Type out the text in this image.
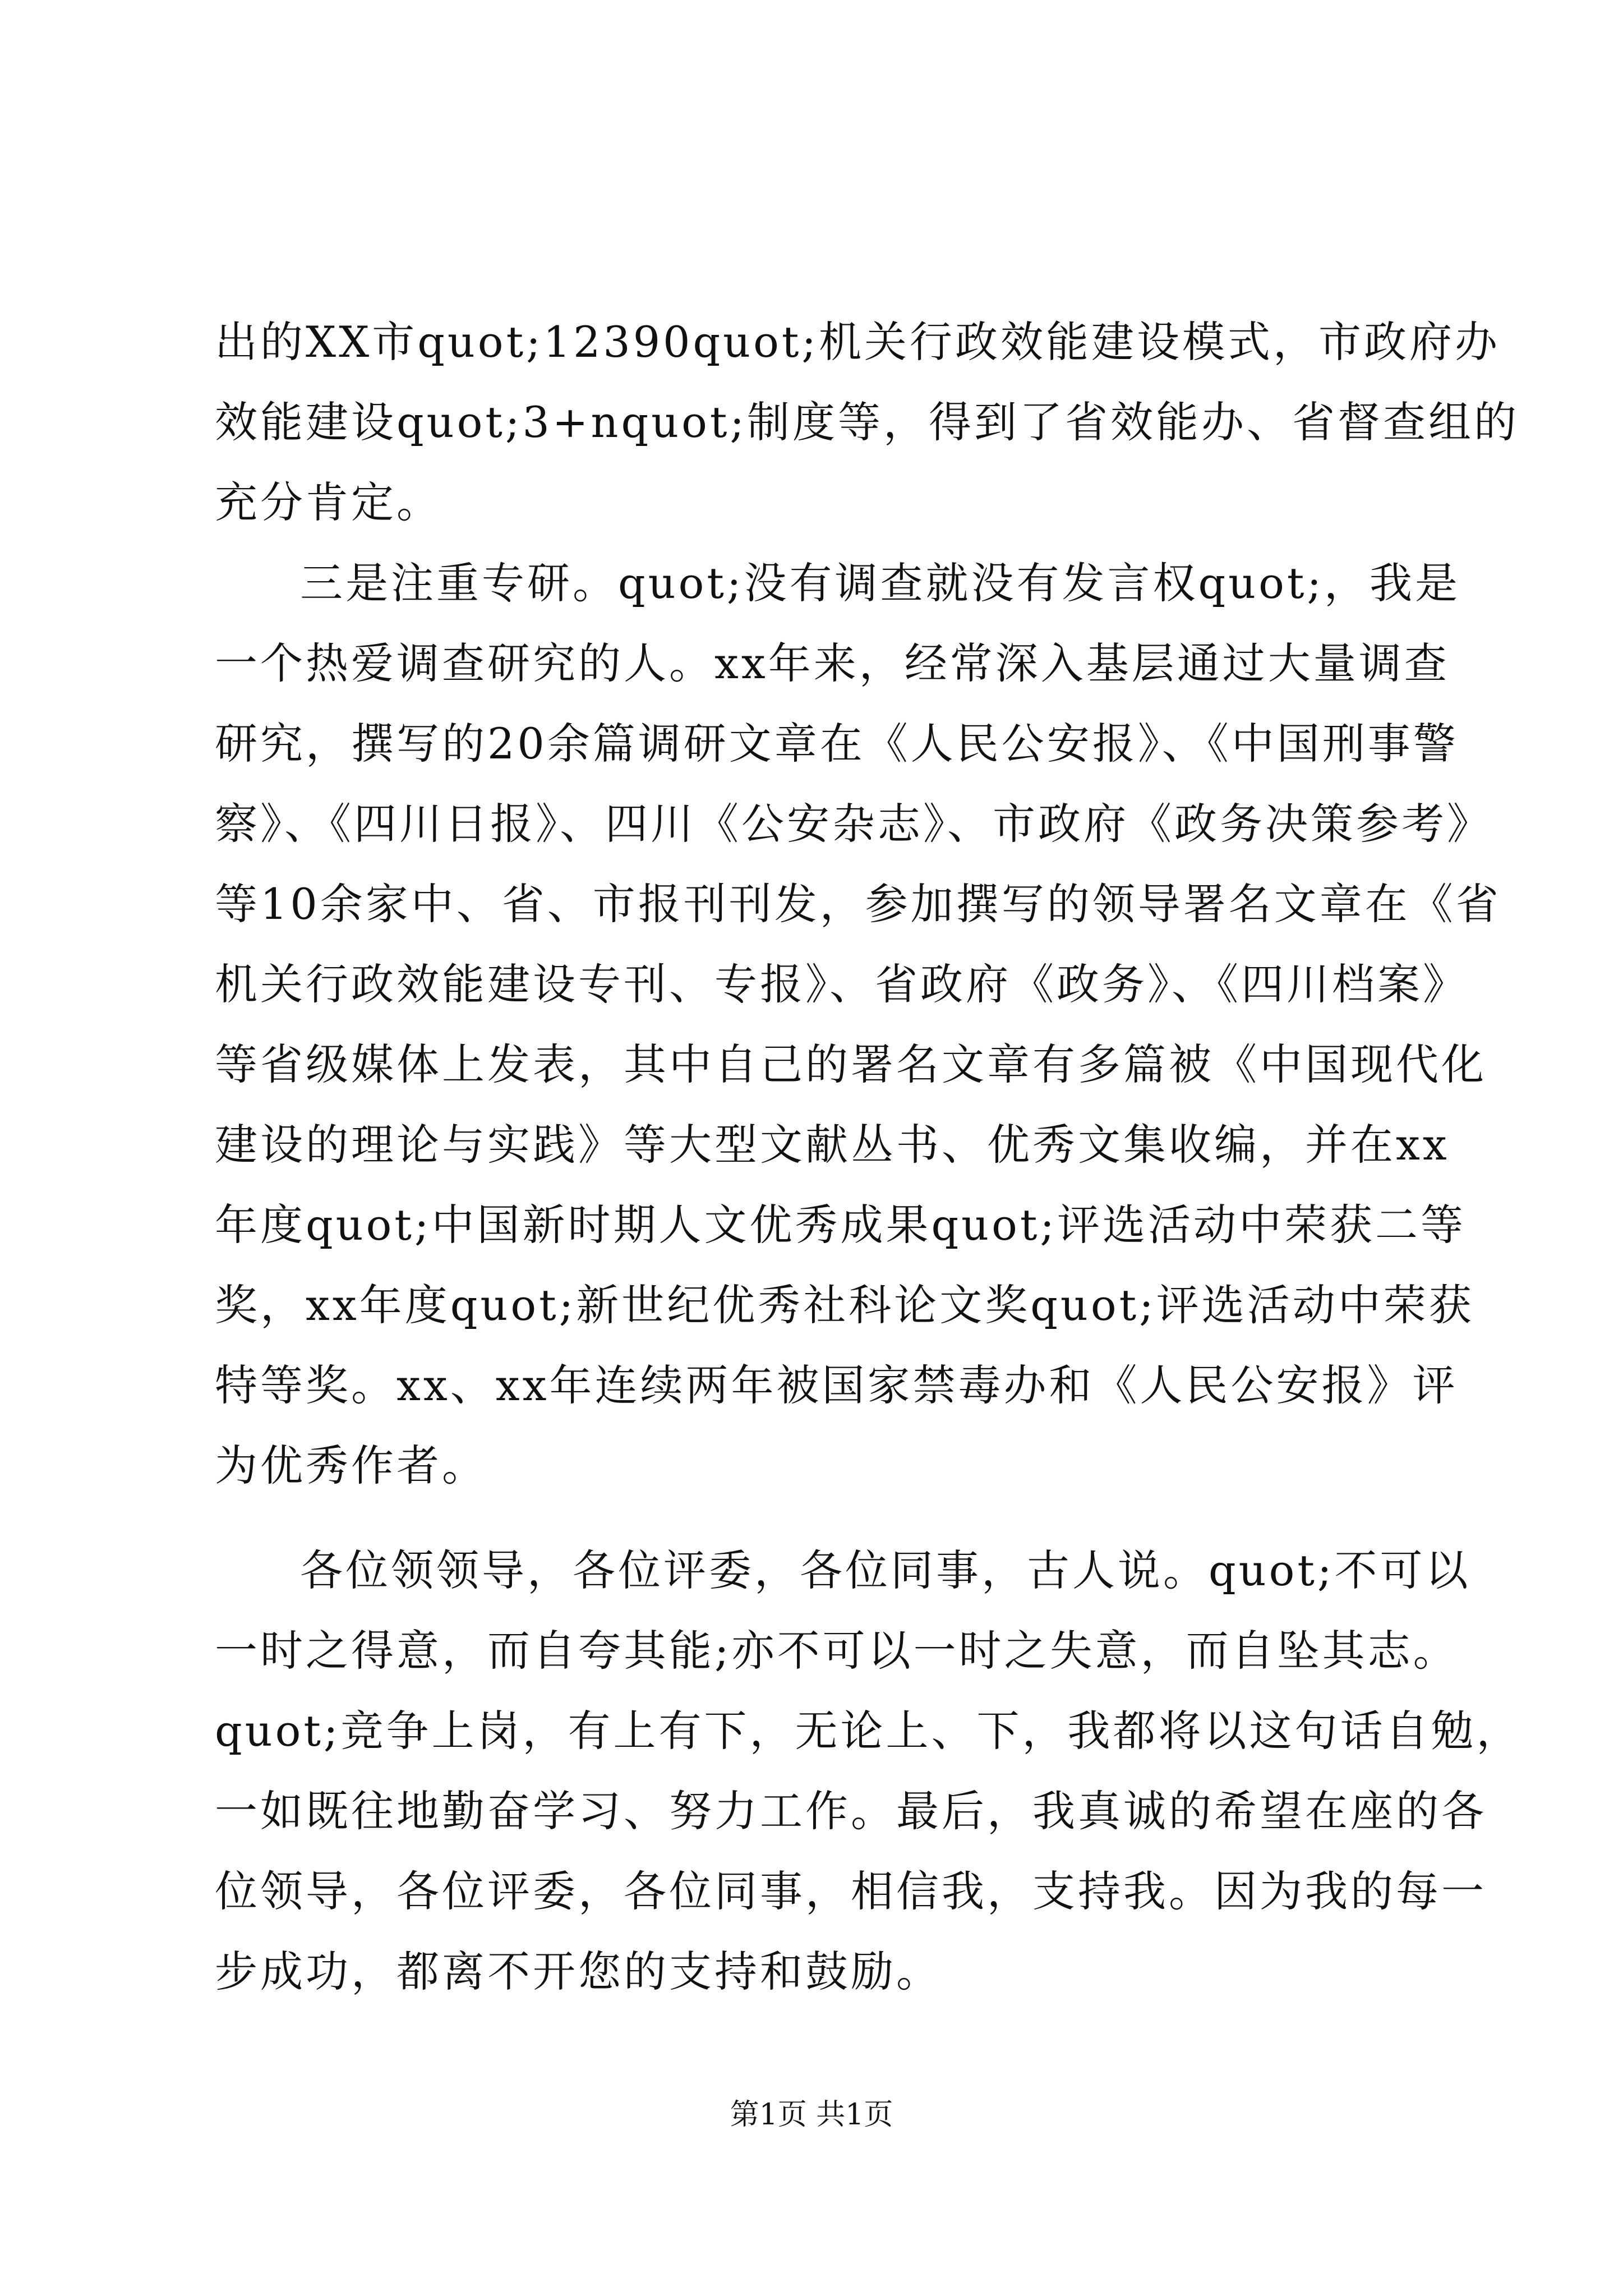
出的XX市quot;12390quot;机关行政效能建设模式，市政府办
效能建设quot;3+nquot;制度等，得到了省效能办、省督查组的
充分肯定。
三是注重专研。quot;没有调查就没有发言权quot;，我是
一个热爱调查研究的人。xx年来，经常深入基层通过大量调查
研究，撰写的20余篇调研文章在《人民公安报》、《中国刑事警
察》、《四川日报》、四川《公安杂志》、市政府《政务决策参考》
等10余家中、省、市报刊刊发，参加撰写的领导署名文章在《省
机关行政效能建设专刊、专报》、省政府《政务》、《四川档案》
等省级媒体上发表，其中自己的署名文章有多篇被《中国现代化
建设的理论与实践》等大型文献丛书、优秀文集收编，并在xx
年度quot;中国新时期人文优秀成果quot;评选活动中荣获二等
奖，xx年度quot;新世纪优秀社科论文奖quot;评选活动中荣获
特等奖。xx、xx年连续两年被国家禁毒办和《人民公安报》评
为优秀作者。
各位领领导，各位评委，各位同事，古人说。quot;不可以
一时之得意，而自夸其能;亦不可以一时之失意，而自坠其志。
quot;竞争上岗，有上有下，无论上、下，我都将以这句话自勉，
一如既往地勤奋学习、努力工作。最后，我真诚的希望在座的各
位领导，各位评委，各位同事，相信我，支持我。因为我的每一
步成功，都离不开您的支持和鼓励。
第1页 共1页
